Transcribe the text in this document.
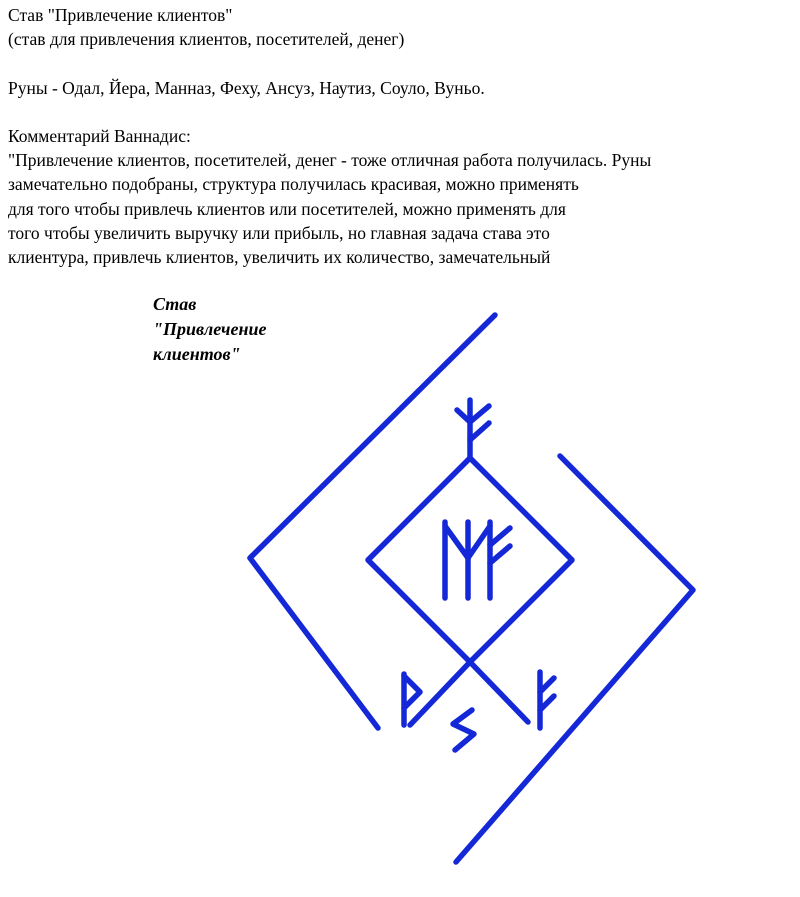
Став "Привлечение клиентов"

(став для привлечения клиентов, посетителей, денег)

Руны - Одал, Йера, Манназ, Феху, Ансуз, Наутиз, Соуло, Вуньо.

Комментарий Ваннадис:

"Привлечение клиентов, посетителей, денег - тоже отличная работа получилась. Руны

замечательно подобраны, структура получилась красивая, можно применять

для того чтобы привлечь клиентов или посетителей, можно применять для

того чтобы увеличить выручку или прибыль, но главная задача става это

клиентура, привлечь клиентов, увеличить их количество, замечательный

Став
"Привлечение
клиентов"
